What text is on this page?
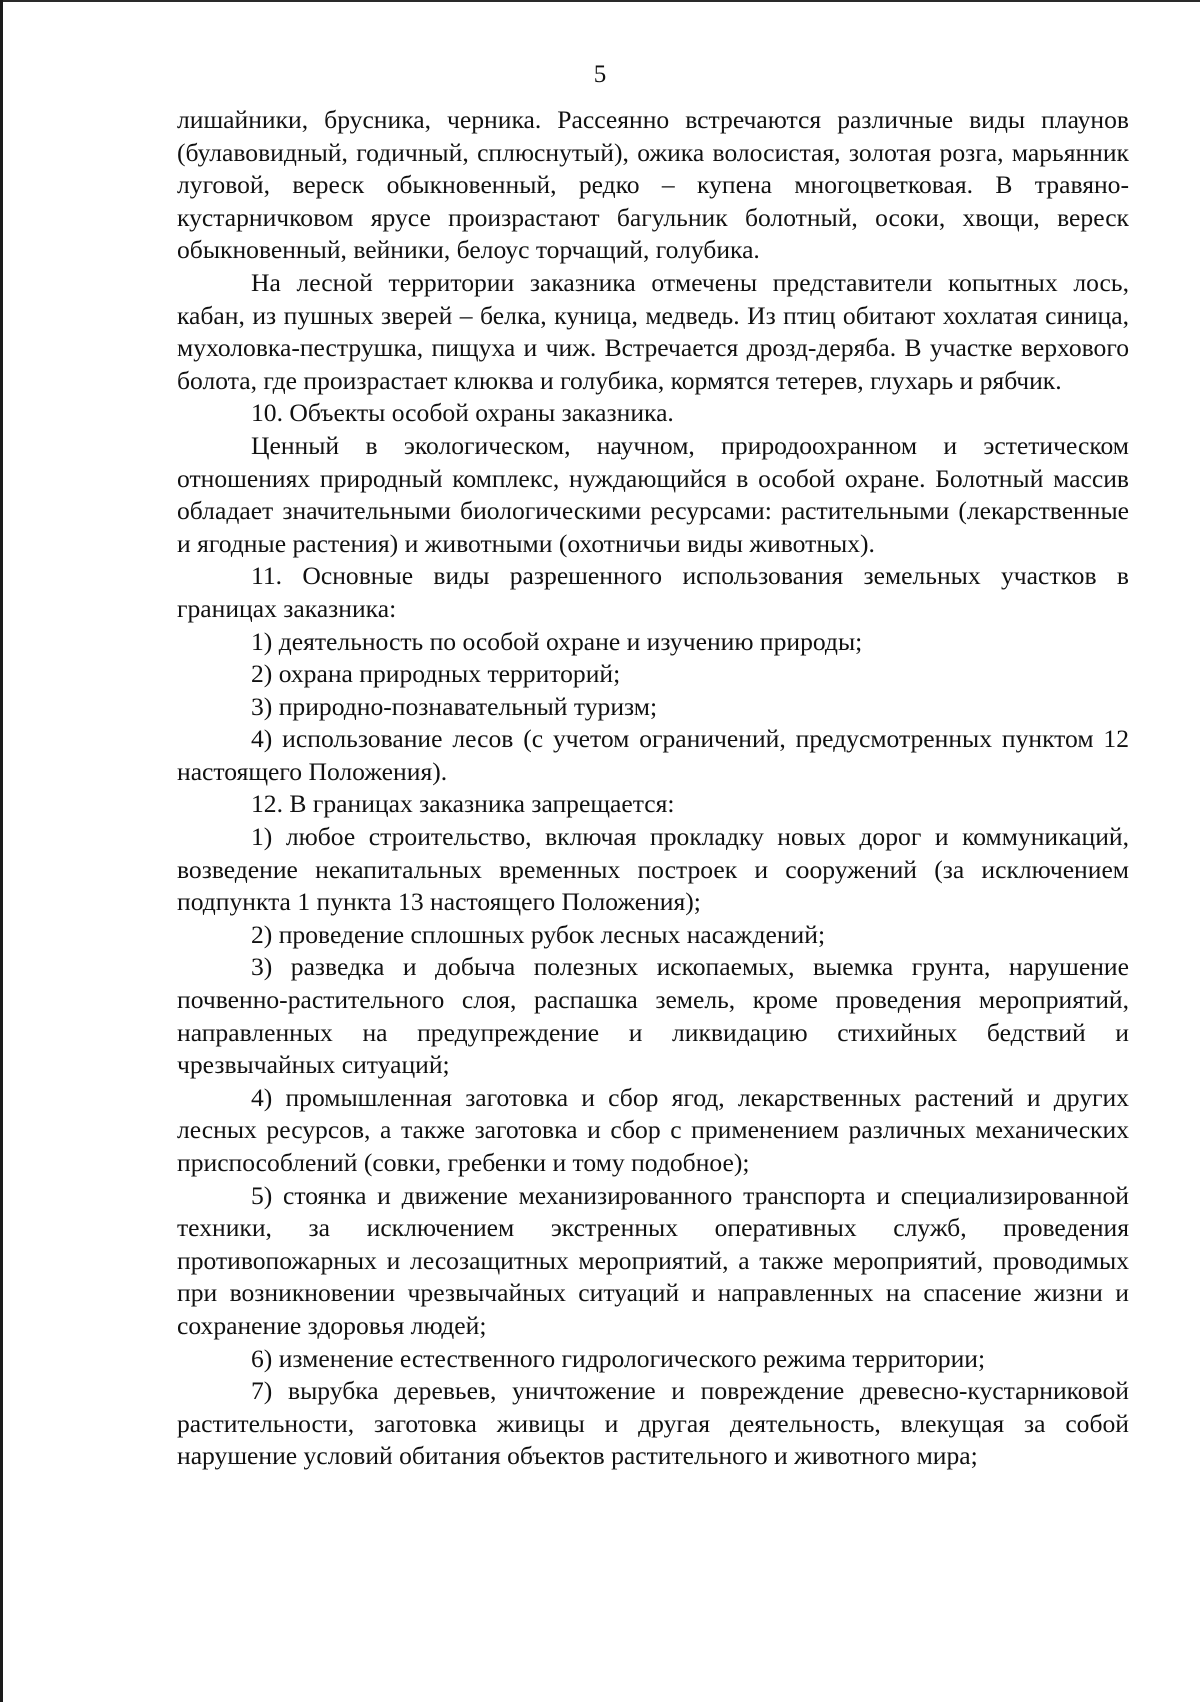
5

лишайники, брусника, черника. Рассеянно встречаются различные виды плаунов (булавовидный, годичный, сплюснутый), ожика волосистая, золотая розга, марьянник луговой, вереск обыкновенный, редко – купена многоцветковая. В травяно-кустарничковом ярусе произрастают багульник болотный, осоки, хвощи, вереск обыкновенный, вейники, белоус торчащий, голубика.

На лесной территории заказника отмечены представители копытных лось, кабан, из пушных зверей – белка, куница, медведь. Из птиц обитают хохлатая синица, мухоловка-пеструшка, пищуха и чиж. Встречается дрозд-деряба. В участке верхового болота, где произрастает клюква и голубика, кормятся тетерев, глухарь и рябчик.

10. Объекты особой охраны заказника.

Ценный в экологическом, научном, природоохранном и эстетическом отношениях природный комплекс, нуждающийся в особой охране. Болотный массив обладает значительными биологическими ресурсами: растительными (лекарственные и ягодные растения) и животными (охотничьи виды животных).

11. Основные виды разрешенного использования земельных участков в границах заказника:

1) деятельность по особой охране и изучению природы;

2) охрана природных территорий;

3) природно-познавательный туризм;

4) использование лесов (с учетом ограничений, предусмотренных пунктом 12 настоящего Положения).

12. В границах заказника запрещается:

1) любое строительство, включая прокладку новых дорог и коммуникаций, возведение некапитальных временных построек и сооружений (за исключением подпункта 1 пункта 13 настоящего Положения);

2) проведение сплошных рубок лесных насаждений;

3) разведка и добыча полезных ископаемых, выемка грунта, нарушение почвенно-растительного слоя, распашка земель, кроме проведения мероприятий, направленных на предупреждение и ликвидацию стихийных бедствий и чрезвычайных ситуаций;

4) промышленная заготовка и сбор ягод, лекарственных растений и других лесных ресурсов, а также заготовка и сбор с применением различных механических приспособлений (совки, гребенки и тому подобное);

5) стоянка и движение механизированного транспорта и специализированной техники, за исключением экстренных оперативных служб, проведения противопожарных и лесозащитных мероприятий, а также мероприятий, проводимых при возникновении чрезвычайных ситуаций и направленных на спасение жизни и сохранение здоровья людей;

6) изменение естественного гидрологического режима территории;

7) вырубка деревьев, уничтожение и повреждение древесно-кустарниковой растительности, заготовка живицы и другая деятельность, влекущая за собой нарушение условий обитания объектов растительного и животного мира;
